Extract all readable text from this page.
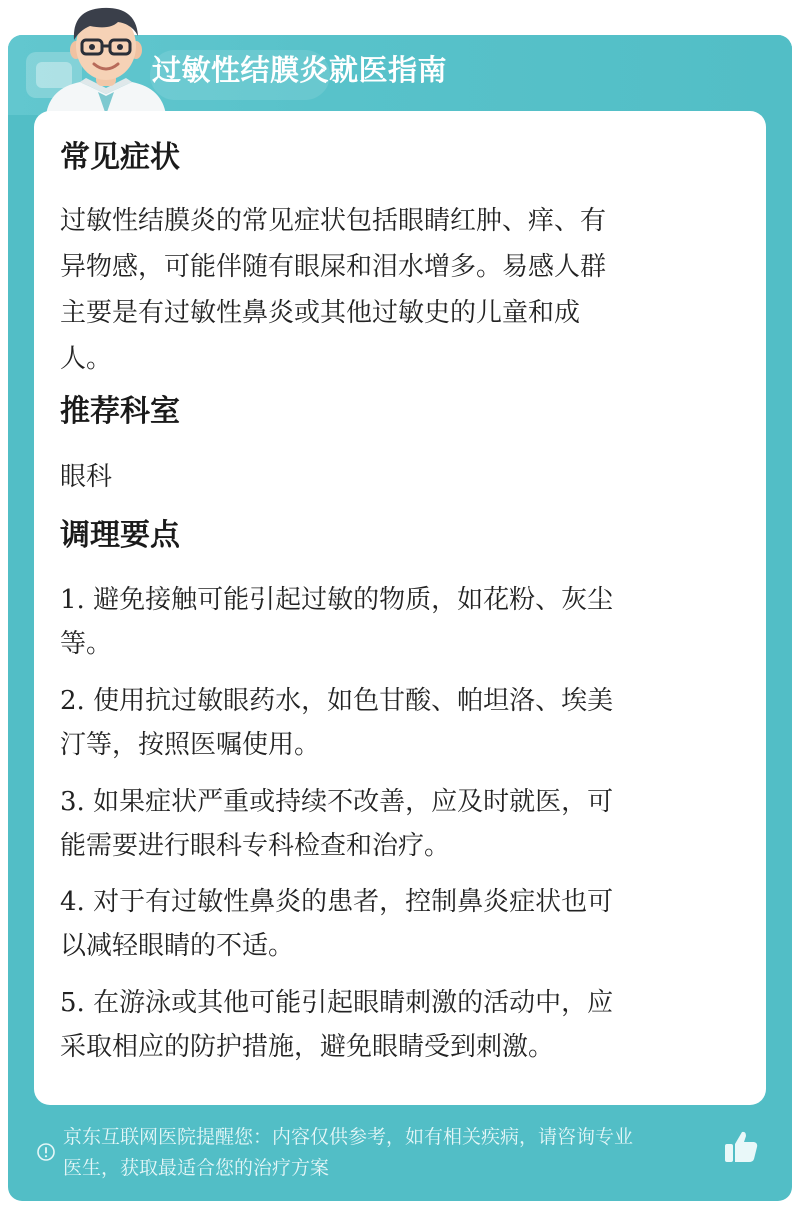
过敏性结膜炎就医指南
常见症状
过敏性结膜炎的常见症状包括眼睛红肿、痒、有
异物感，可能伴随有眼屎和泪水增多。易感人群
主要是有过敏性鼻炎或其他过敏史的儿童和成
人。
推荐科室
眼科
调理要点
1. 避免接触可能引起过敏的物质，如花粉、灰尘
等。
2. 使用抗过敏眼药水，如色甘酸、帕坦洛、埃美
汀等，按照医嘱使用。
3. 如果症状严重或持续不改善，应及时就医，可
能需要进行眼科专科检查和治疗。
4. 对于有过敏性鼻炎的患者，控制鼻炎症状也可
以减轻眼睛的不适。
5. 在游泳或其他可能引起眼睛刺激的活动中，应
采取相应的防护措施，避免眼睛受到刺激。
京东互联网医院提醒您：内容仅供参考，如有相关疾病，请咨询专业
医生，获取最适合您的治疗方案
